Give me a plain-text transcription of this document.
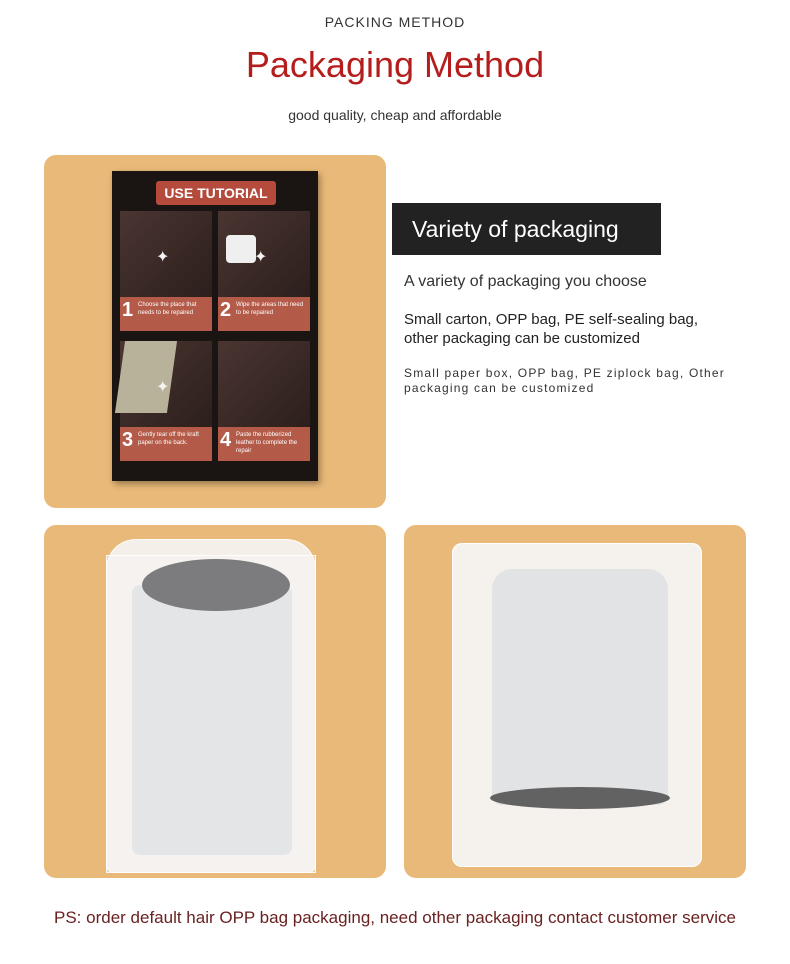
PACKING METHOD
Packaging Method
good quality, cheap and affordable
USE TUTORIAL
✦
1 Choose the place that needs to be repaired
✦
2 Wipe the areas that need to be repaired
✦
3 Gently tear off the kraft paper on the back.	4 Paste the rubberized leather to complete the repair
Variety of packaging
A variety of packaging you choose
Small carton, OPP bag, PE self-sealing bag, other packaging can be customized
Small paper box, OPP bag, PE ziplock bag, Other packaging can be customized
PS: order default hair OPP bag packaging, need other packaging contact customer service
